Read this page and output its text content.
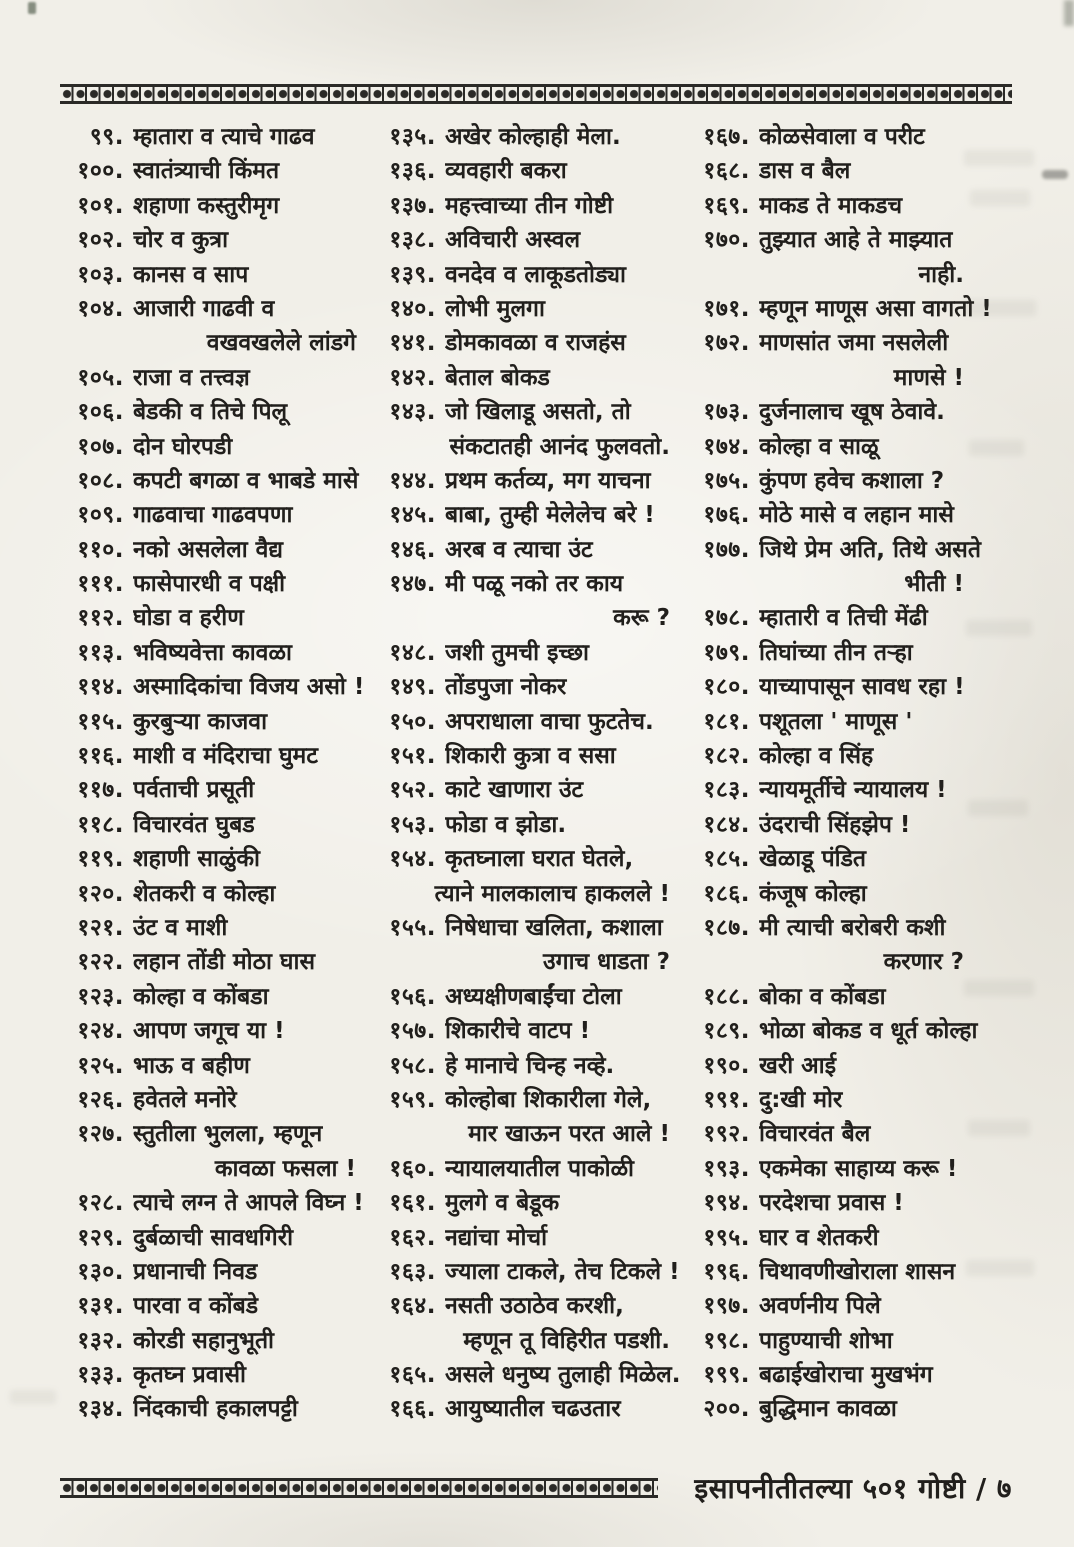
९९. म्हातारा व त्याचे गाढव
१००. स्वातंत्र्याची किंमत
१०१. शहाणा कस्तुरीमृग
१०२. चोर व कुत्रा
१०३. कानस व साप
१०४. आजारी गाढवी व
वखवखलेले लांडगे
१०५. राजा व तत्त्वज्ञ
१०६. बेडकी व तिचे पिलू
१०७. दोन घोरपडी
१०८. कपटी बगळा व भाबडे मासे
१०९. गाढवाचा गाढवपणा
११०. नको असलेला वैद्य
१११. फासेपारधी व पक्षी
११२. घोडा व हरीण
११३. भविष्यवेत्ता कावळा
११४. अस्मादिकांचा विजय असो !
११५. कुरबुऱ्या काजवा
११६. माशी व मंदिराचा घुमट
११७. पर्वताची प्रसूती
११८. विचारवंत घुबड
११९. शहाणी साळुंकी
१२०. शेतकरी व कोल्हा
१२१. उंट व माशी
१२२. लहान तोंडी मोठा घास
१२३. कोल्हा व कोंबडा
१२४. आपण जगूच या !
१२५. भाऊ व बहीण
१२६. हवेतले मनोरे
१२७. स्तुतीला भुलला, म्हणून
कावळा फसला !
१२८. त्याचे लग्न ते आपले विघ्न !
१२९. दुर्बळाची सावधगिरी
१३०. प्रधानाची निवड
१३१. पारवा व कोंबडे
१३२. कोरडी सहानुभूती
१३३. कृतघ्न प्रवासी
१३४. निंदकाची हकालपट्टी
१३५. अखेर कोल्हाही मेला.
१३६. व्यवहारी बकरा
१३७. महत्त्वाच्या तीन गोष्टी
१३८. अविचारी अस्वल
१३९. वनदेव व लाकूडतोड्या
१४०. लोभी मुलगा
१४१. डोमकावळा व राजहंस
१४२. बेताल बोकड
१४३. जो खिलाडू असतो, तो
संकटातही आनंद फुलवतो.
१४४. प्रथम कर्तव्य, मग याचना
१४५. बाबा, तुम्ही मेलेलेच बरे !
१४६. अरब व त्याचा उंट
१४७. मी पळू नको तर काय
करू ?
१४८. जशी तुमची इच्छा
१४९. तोंडपुजा नोकर
१५०. अपराधाला वाचा फुटतेच.
१५१. शिकारी कुत्रा व ससा
१५२. काटे खाणारा उंट
१५३. फोडा व झोडा.
१५४. कृतघ्नाला घरात घेतले,
त्याने मालकालाच हाकलले !
१५५. निषेधाचा खलिता, कशाला
उगाच धाडता ?
१५६. अध्यक्षीणबाईंचा टोला
१५७. शिकारीचे वाटप !
१५८. हे मानाचे चिन्ह नव्हे.
१५९. कोल्होबा शिकारीला गेले,
मार खाऊन परत आले !
१६०. न्यायालयातील पाकोळी
१६१. मुलगे व बेडूक
१६२. नद्यांचा मोर्चा
१६३. ज्याला टाकले, तेच टिकले !
१६४. नसती उठाठेव करशी,
म्हणून तू विहिरीत पडशी.
१६५. असले धनुष्य तुलाही मिळेल.
१६६. आयुष्यातील चढउतार
१६७. कोळसेवाला व परीट
१६८. डास व बैल
१६९. माकड ते माकडच
१७०. तुझ्यात आहे ते माझ्यात
नाही.
१७१. म्हणून माणूस असा वागतो !
१७२. माणसांत जमा नसलेली
माणसे !
१७३. दुर्जनालाच खूष ठेवावे.
१७४. कोल्हा व साळू
१७५. कुंपण हवेच कशाला ?
१७६. मोठे मासे व लहान मासे
१७७. जिथे प्रेम अति, तिथे असते
भीती !
१७८. म्हातारी व तिची मेंढी
१७९. तिघांच्या तीन तऱ्हा
१८०. याच्यापासून सावध रहा !
१८१. पशूतला ' माणूस '
१८२. कोल्हा व सिंह
१८३. न्यायमूर्तीचे न्यायालय !
१८४. उंदराची सिंहझेप !
१८५. खेळाडू पंडित
१८६. कंजूष कोल्हा
१८७. मी त्याची बरोबरी कशी
करणार ?
१८८. बोका व कोंबडा
१८९. भोळा बोकड व धूर्त कोल्हा
१९०. खरी आई
१९१. दु:खी मोर
१९२. विचारवंत बैल
१९३. एकमेका साहाय्य करू !
१९४. परदेशचा प्रवास !
१९५. घार व शेतकरी
१९६. चिथावणीखोराला शासन
१९७. अवर्णनीय पिले
१९८. पाहुण्याची शोभा
१९९. बढाईखोराचा मुखभंग
२००. बुद्धिमान कावळा
इसापनीतीतल्या ५०१ गोष्टी / ७
